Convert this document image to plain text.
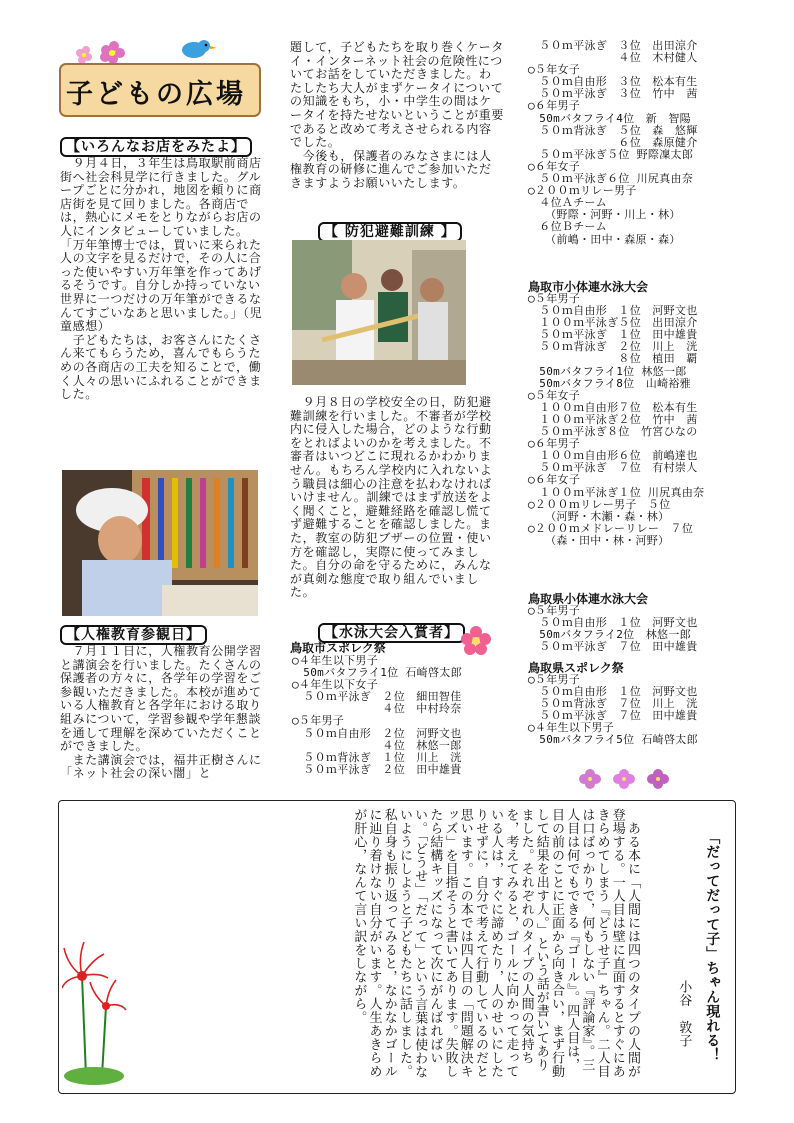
子どもの広場
【いろんなお店をみたよ】

　９月４日，３年生は鳥取駅前商店街へ社会科見学に行きました。グループごとに分かれ，地図を頼りに商店街を見て回りました。各商店では，熱心にメモをとりながらお店の人にインタビューしていました。
「万年筆博士では，買いに来られた人の文字を見るだけで，その人に合った使いやすい万年筆を作ってあげるそうです。自分しか持っていない世界に一つだけの万年筆ができるなんてすごいなあと思いました。」（児童感想）
　子どもたちは，お客さんにたくさん来てもらうため，喜んでもらうための各商店の工夫を知ることで，働く人々の思いにふれることができました。

【人権教育参観日】

　７月１１日に，人権教育公開学習と講演会を行いました。たくさんの保護者の方々に，各学年の学習をご参観いただきました。本校が進めている人権教育と各学年における取り組みについて，学習参観や学年懇談を通して理解を深めていただくことができました。
　また講演会では，福井正樹さんに「ネット社会の深い闇」と

題して，子どもたちを取り巻くケータイ・インターネット社会の危険性についてお話をしていただきました。わたしたち大人がまずケータイについての知識をもち，小・中学生の間はケータイを持たせないということが重要であると改めて考えさせられる内容でした。
　今後も，保護者のみなさまには人権教育の研修に進んでご参加いただきますようお願いいたします。

【 防犯避難訓練 】

　９月８日の学校安全の日，防犯避難訓練を行いました。不審者が学校内に侵入した場合，どのような行動をとればよいのかを考えました。不審者はいつどこに現れるかわかりません。もちろん学校内に入れないよう職員は細心の注意を払わなければいけません。訓練ではまず放送をよく聞くこと，避難経路を確認し慌てず避難することを確認しました。また，教室の防犯ブザーの位置・使い方を確認し，実際に使ってみました。自分の命を守るために，みんなが真剣な態度で取り組んでいました。

【水泳大会入賞者】
鳥取市スポレク祭
◯４年生以下男子
　50mバタフライ1位 石崎啓太郎
◯４年生以下女子
　５０ｍ平泳ぎ　２位　細田智佳
　　　　　　　　４位　中村玲奈
◯５年男子
　５０ｍ自由形　２位　河野文也
　　　　　　　　４位　林悠一郎
　５０ｍ背泳ぎ　１位　川上　洸
　５０ｍ平泳ぎ　２位　田中雄貴
　５０ｍ平泳ぎ　３位　出田涼介
　　　　　　　　４位　木村健人
◯５年女子
　５０ｍ自由形　３位　松本有生
　５０ｍ平泳ぎ　３位　竹中　茜
◯６年男子
　50mバタフライ4位　新　智陽
　５０ｍ背泳ぎ　５位　森　悠輝
　　　　　　　　６位　森原健介
　５０ｍ平泳ぎ５位 野際凜太郎
◯６年女子
　５０ｍ平泳ぎ６位 川尻真由奈
◯２００ｍリレー男子
　４位Ａチーム
　　（野際・河野・川上・林）
　６位Ｂチーム
　　（前嶋・田中・森原・森）
鳥取市小体連水泳大会
◯５年男子
　５０ｍ自由形　１位　河野文也
　１００ｍ平泳ぎ５位　出田涼介
　５０ｍ平泳ぎ　１位　田中雄貴
　５０ｍ背泳ぎ　２位　川上　洸
　　　　　　　　８位　植田　覇
　50mバタフライ1位 林悠一郎
　50mバタフライ8位　山崎裕雅
◯５年女子
　１００ｍ自由形７位　松本有生
　１００ｍ平泳ぎ２位　竹中　茜
　５０ｍ平泳ぎ８位　竹宮ひなの
◯６年男子
　１００ｍ自由形６位　前嶋達也
　５０ｍ平泳ぎ　７位　有村崇人
◯６年女子
　１００ｍ平泳ぎ１位 川尻真由奈
◯２００ｍリレー男子　５位
　　（河野・木瀬・森・林）
◯２００ｍメドレーリレー　７位
　　（森・田中・林・河野）
鳥取県小体連水泳大会
◯５年男子
　５０ｍ自由形　１位　河野文也
　50mバタフライ2位　林悠一郎
　５０ｍ平泳ぎ　７位　田中雄貴
鳥取県スポレク祭
◯５年男子
　５０ｍ自由形　１位　河野文也
　５０ｍ背泳ぎ　７位　川上　洸
　５０ｍ平泳ぎ　７位　田中雄貴
◯４年生以下男子
　50mバタフライ5位 石崎啓太郎
「だってだって子」ちゃん現れる！
小谷　敦子
　ある本に「人間には四つのタイプの人間が登場する。一人目は壁に直面するとすぐにあきらめてしまう『どうせ子』ちゃん。二人目は口ばっかりで，何もしない『評論家』。三人目は何でもできる『ゴール』。四人目は，目の前のことに正面から向き合い，まず行動して結果を出す人。」という話が書いてありました。それぞれのタイプの人間の気持ちを，考えてみると，ゴールに向かって走っている人は，すぐに諦めたり，人のせいにしたりせずに，自分で考えて行動しているのだと思います。この本では四人目の「問題解決キッズ」を目指そうと書いてあります。失敗したら結構キッズになって次にがんばればいい。「どうせ」「だって」という言葉は使わないようにしようと子どもたちに話しました。私自身も振り返ってみると，なかなかゴールに辿り着けない自分がいます。人生あきらめが肝心，なんて言い訳をしながら。
